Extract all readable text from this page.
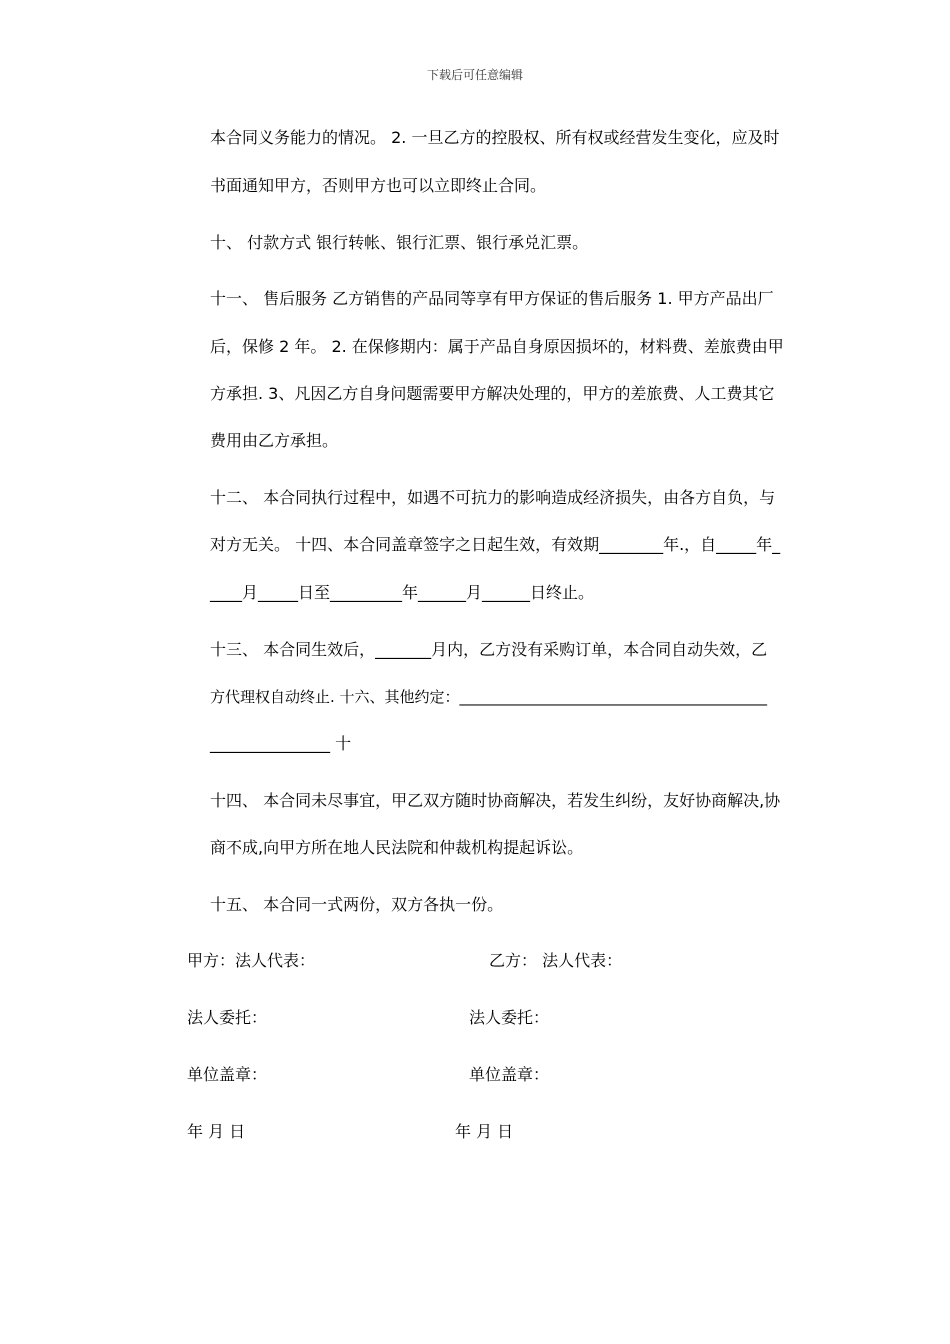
下载后可任意编辑
本合同义务能力的情况。 2. 一旦乙方的控股权、所有权或经营发生变化，应及时
书面通知甲方，否则甲方也可以立即终止合同。
十、 付款方式 银行转帐、银行汇票、银行承兑汇票。
十一、 售后服务 乙方销售的产品同等享有甲方保证的售后服务 1. 甲方产品出厂
后，保修 2 年。 2. 在保修期内：属于产品自身原因损坏的，材料费、差旅费由甲
方承担. 3、凡因乙方自身问题需要甲方解决处理的，甲方的差旅费、人工费其它
费用由乙方承担。
十二、 本合同执行过程中，如遇不可抗力的影响造成经济损失，由各方自负，与
对方无关。 十四、本合同盖章签字之日起生效，有效期________年.，自_____年_
____月_____日至_________年______月______日终止。
十三、 本合同生效后，_______月内，乙方没有采购订单，本合同自动失效，乙
方代理权自动终止. 十六、其他约定：_________________________________________
_______________ 十
十四、 本合同未尽事宜，甲乙双方随时协商解决，若发生纠纷，友好协商解决,协
商不成,向甲方所在地人民法院和仲裁机构提起诉讼。
十五、 本合同一式两份，双方各执一份。
甲方：法人代表：	乙方： 法人代表：
法人委托：	法人委托：
单位盖章：	单位盖章：
年 月 日	年 月 日
